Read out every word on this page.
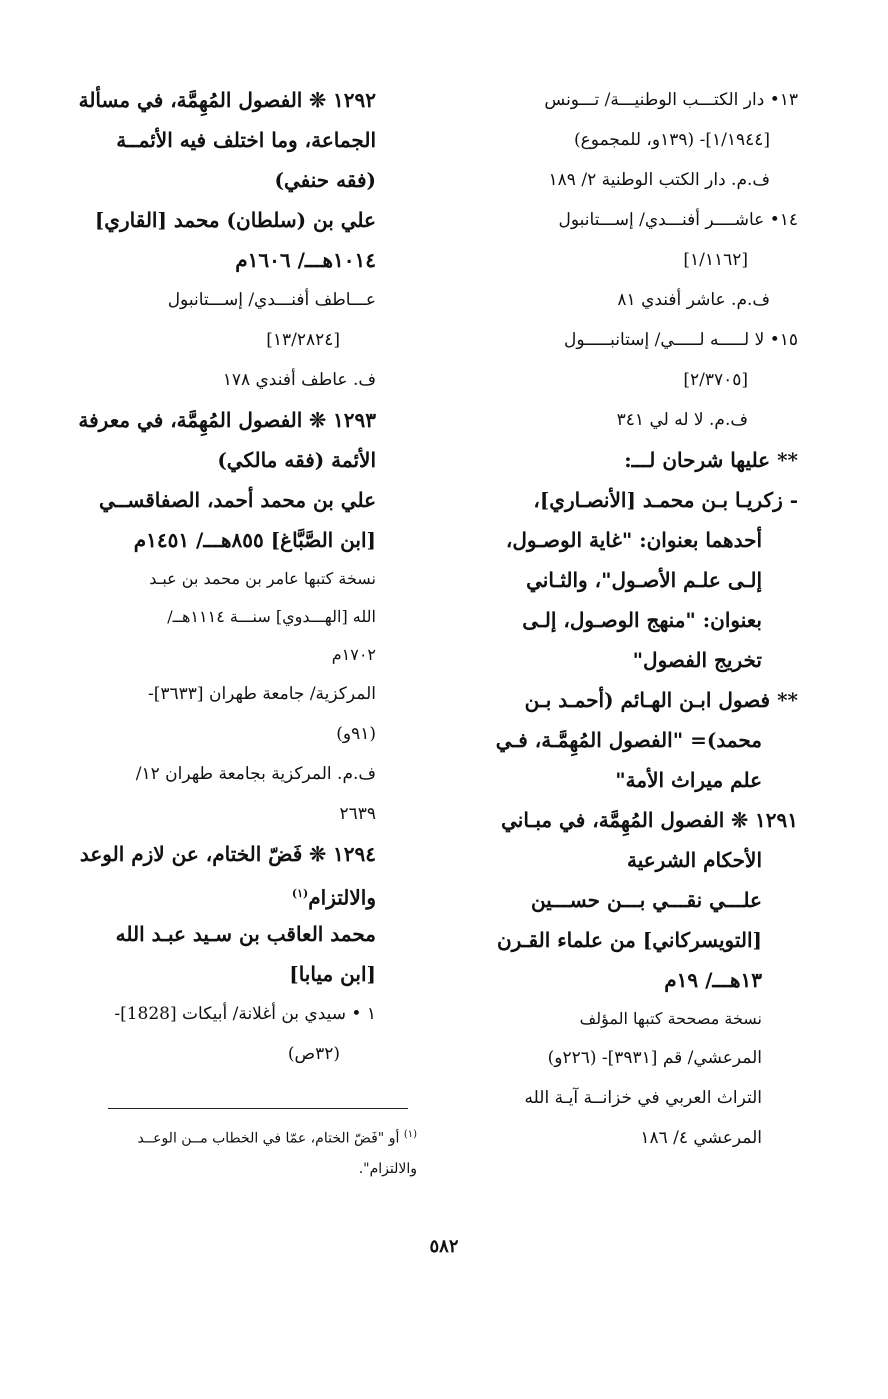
١٣• دار الكتـــب الوطنيـــة/ تـــونس
[١/١٩٤٤]- (١٣٩و، للمجموع)
ف.م. دار الكتب الوطنية ٢/ ١٨٩
١٤• عاشــــر أفنـــدي/ إســـتانبول
[١/١١٦٢]
ف.م. عاشر أفندي ٨١
١٥• لا لـــــه لـــــي/ إستانبـــــول
[٢/٣٧٠٥]
ف.م. لا له لي ٣٤١
** عليها شرحان لـــ:
- زكريـا بـن محمـد [الأنصـاري]،
أحدهما بعنوان: "غاية الوصـول،
إلـى علـم الأصـول"، والثـاني
بعنوان: "منهج الوصـول، إلـى
تخريج الفصول"
** فصول ابـن الهـائم (أحمـد بـن
محمد)= "الفصول المُهِمَّـة، فـي
علم ميراث الأمة"
١٢٩١ ❊ الفصول المُهِمَّة، في مبـاني
الأحكام الشرعية
علـــي نقـــي بـــن حســـين
[التويسركاني] من علماء القـرن
١٣هـــ/ ١٩م
نسخة مصححة كتبها المؤلف
المرعشي/ قم [٣٩٣١]- (٢٢٦و)
التراث العربي في خزانــة آيـة الله
المرعشي ٤/ ١٨٦
١٢٩٢ ❊ الفصول المُهِمَّة، في مسألة
الجماعة، وما اختلف فيه الأئمــة
(فقه حنفي)
علي بن (سلطان) محمد [القاري]
١٠١٤هـــ/ ١٦٠٦م
عـــاطف أفنـــدي/ إســـتانبول
[١٣/٢٨٢٤]
ف. عاطف أفندي ١٧٨
١٢٩٣ ❊ الفصول المُهِمَّة، في معرفة
الأئمة (فقه مالكي)
علي بن محمد أحمد، الصفاقســي
[ابن الصَّبَّاغ] ٨٥٥هـــ/ ١٤٥١م
نسخة كتبها عامر بن محمد بن عبـد
الله [الهـــدوي] سنـــة ١١١٤هــ/
١٧٠٢م
المركزية/ جامعة طهران [٣٦٣٣]-
(٩١و)
ف.م. المركزية بجامعة طهران ١٢/
٢٦٣٩
١٢٩٤ ❊ فَضّ الختام، عن لازم الوعد
والالتزام$^{(١)}$
محمد العاقب بن سـيد عبـد الله
[ابن ميابا]
١ • سيدي بن أغلانة/ أبيكات [1828]-
(٣٢ص)
$^{(١)}$ أو "فَضّ الختام، عمّا في الخطاب مــن الوعــد
والالتزام".
٥٨٢
